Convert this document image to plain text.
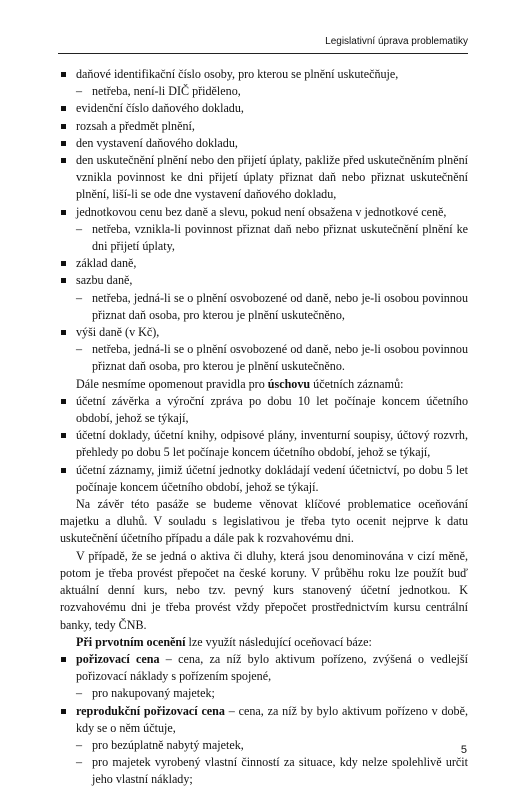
Legislativní úprava problematiky

daňové identifikační číslo osoby, pro kterou se plnění uskutečňuje,

– netřeba, není-li DIČ přiděleno,

evidenční číslo daňového dokladu,

rozsah a předmět plnění,

den vystavení daňového dokladu,

den uskutečnění plnění nebo den přijetí úplaty, pakliže před uskutečněním plnění vznikla povinnost ke dni přijetí úplaty přiznat daň nebo přiznat uskutečnění plnění, liší-li se ode dne vystavení daňového dokladu,

jednotkovou cenu bez daně a slevu, pokud není obsažena v jednotkové ceně,

– netřeba, vznikla-li povinnost přiznat daň nebo přiznat uskutečnění plnění ke dni přijetí úplaty,

základ daně,

sazbu daně,

– netřeba, jedná-li se o plnění osvobozené od daně, nebo je-li osobou povinnou přiznat daň osoba, pro kterou je plnění uskutečněno,

výši daně (v Kč),

– netřeba, jedná-li se o plnění osvobozené od daně, nebo je-li osobou povinnou přiznat daň osoba, pro kterou je plnění uskutečněno.

Dále nesmíme opomenout pravidla pro úschovu účetních záznamů:

účetní závěrka a výroční zpráva po dobu 10 let počínaje koncem účetního období, jehož se týkají,

účetní doklady, účetní knihy, odpisové plány, inventurní soupisy, účtový rozvrh, přehledy po dobu 5 let počínaje koncem účetního období, jehož se týkají,

účetní záznamy, jimiž účetní jednotky dokládají vedení účetnictví, po dobu 5 let počínaje koncem účetního období, jehož se týkají.

Na závěr této pasáže se budeme věnovat klíčové problematice oceňování majetku a dluhů. V souladu s legislativou je třeba tyto ocenit nejprve k datu uskutečnění účetního případu a dále pak k rozvahovému dni.

V případě, že se jedná o aktiva či dluhy, která jsou denominována v cizí měně, potom je třeba provést přepočet na české koruny. V průběhu roku lze použít buď aktuální denní kurs, nebo tzv. pevný kurs stanovený účetní jednotkou. K rozvahovému dni je třeba provést vždy přepočet prostřednictvím kursu centrální banky, tedy ČNB.

Při prvotním ocenění lze využít následující oceňovací báze:

pořizovací cena – cena, za níž bylo aktivum pořízeno, zvýšená o vedlejší pořizovací náklady s pořízením spojené,

– pro nakupovaný majetek;

reprodukční pořizovací cena – cena, za níž by bylo aktivum pořízeno v době, kdy se o něm účtuje,

– pro bezúplatně nabytý majetek,

– pro majetek vyrobený vlastní činností za situace, kdy nelze spolehlivě určit jeho vlastní náklady;

5
